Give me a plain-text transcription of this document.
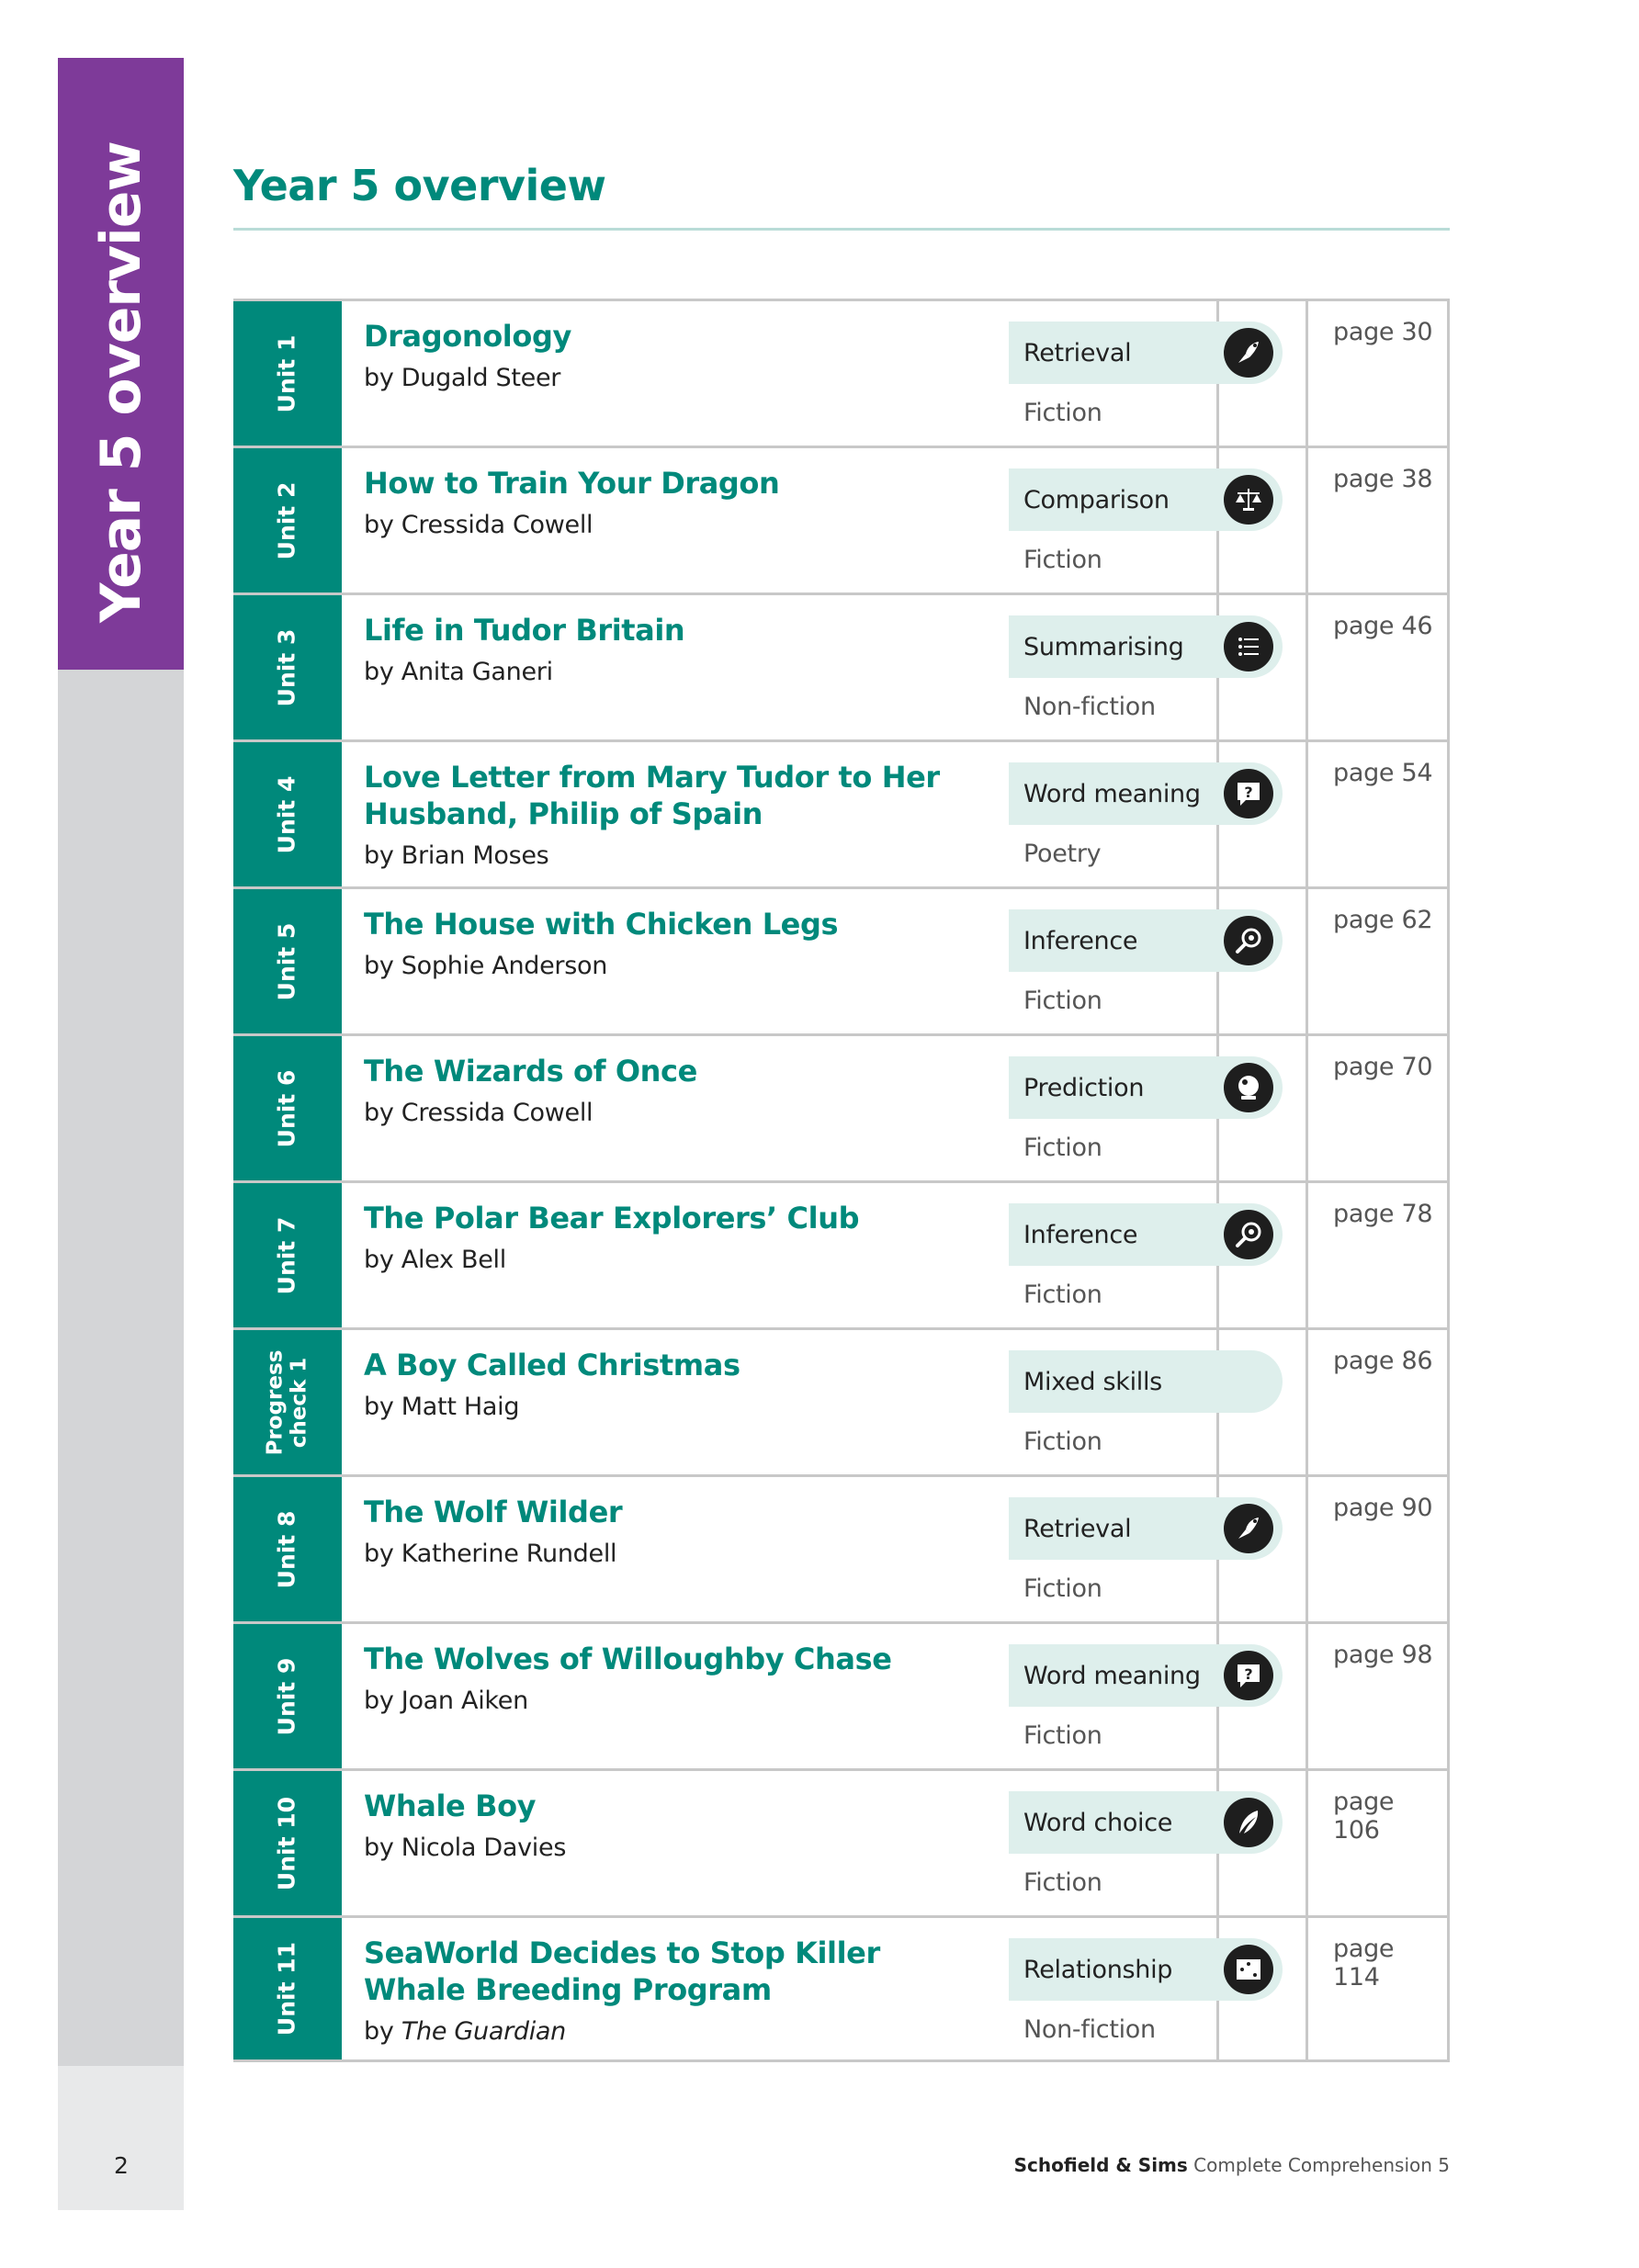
Year 5 overview
2
Year 5 overview
Unit 1 Dragonology
by Dugald Steer
Retrieval
Fiction
page 30
Unit 2 How to Train Your Dragon
by Cressida Cowell
Comparison
Fiction
page 38
Unit 3 Life in Tudor Britain
by Anita Ganeri
Summarising
Non-fiction
page 46
Unit 4 Love Letter from Mary Tudor to Her Husband, Philip of Spain
by Brian Moses
Word meaning	?
Poetry
page 54
Unit 5 The House with Chicken Legs
by Sophie Anderson
Inference
Fiction
page 62
Unit 6 The Wizards of Once
by Cressida Cowell
Prediction
Fiction
page 70
Unit 7 The Polar Bear Explorers’ Club
by Alex Bell
Inference
Fiction
page 78
Progress check 1 A Boy Called Christmas
by Matt Haig
Mixed skills
Fiction
page 86
Unit 8 The Wolf Wilder
by Katherine Rundell
Retrieval
Fiction
page 90
Unit 9 The Wolves of Willoughby Chase
by Joan Aiken
Word meaning	?
Fiction
page 98
Unit 10 Whale Boy
by Nicola Davies
Word choice
Fiction
page 106
Unit 11 SeaWorld Decides to Stop Killer Whale Breeding Program
by The Guardian
Relationship
Non-fiction
page 114
Schofield & Sims Complete Comprehension 5
